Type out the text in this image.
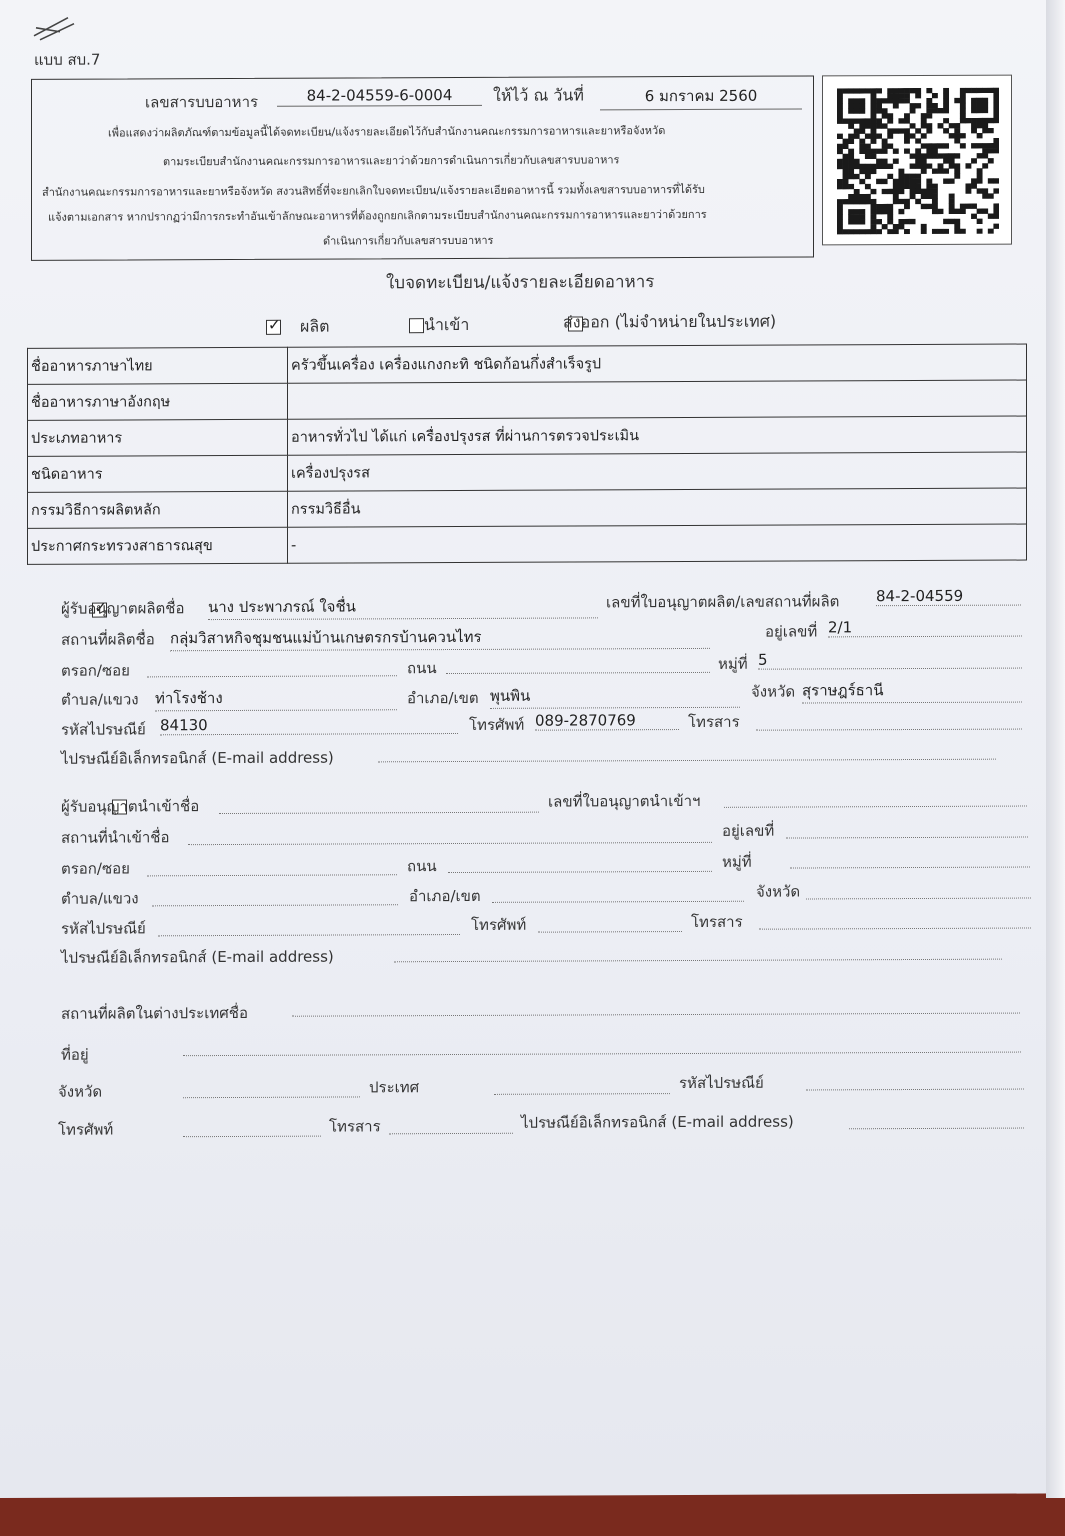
แบบ สบ.7
เลขสารบบอาหาร	84-2-04559-6-0004	ให้ไว้ ณ วันที่	6 มกราคม 2560
เพื่อแสดงว่าผลิตภัณฑ์ตามข้อมูลนี้ได้จดทะเบียน/แจ้งรายละเอียดไว้กับสำนักงานคณะกรรมการอาหารและยาหรือจังหวัด
ตามระเบียบสำนักงานคณะกรรมการอาหารและยาว่าด้วยการดำเนินการเกี่ยวกับเลขสารบบอาหาร
สำนักงานคณะกรรมการอาหารและยาหรือจังหวัด สงวนสิทธิ์ที่จะยกเลิกใบจดทะเบียน/แจ้งรายละเอียดอาหารนี้ รวมทั้งเลขสารบบอาหารที่ได้รับ
แจ้งตามเอกสาร หากปรากฏว่ามีการกระทำอันเข้าลักษณะอาหารที่ต้องถูกยกเลิกตามระเบียบสำนักงานคณะกรรมการอาหารและยาว่าด้วยการ
ดำเนินการเกี่ยวกับเลขสารบบอาหาร
ใบจดทะเบียน/แจ้งรายละเอียดอาหาร
✓
ผลิต
	นำเข้า
	ส่งออก (ไม่จำหน่ายในประเทศ)
ชื่ออาหารภาษาไทย	ครัวขึ้นเครื่อง เครื่องแกงกะทิ ชนิดก้อนกึ่งสำเร็จรูป
ชื่ออาหารภาษาอังกฤษ	
ประเภทอาหาร	อาหารทั่วไป ได้แก่ เครื่องปรุงรส ที่ผ่านการตรวจประเมิน
ชนิดอาหาร	เครื่องปรุงรส
กรรมวิธีการผลิตหลัก	กรรมวิธีอื่น
ประกาศกระทรวงสาธารณสุข	-
✓
ผู้รับอนุญาตผลิตชื่อ นาง ประพาภรณ์ ใจชื่น	เลขที่ใบอนุญาตผลิต/เลขสถานที่ผลิต 84-2-04559
สถานที่ผลิตชื่อ กลุ่มวิสาหกิจชุมชนแม่บ้านเกษตรกรบ้านควนไทร	อยู่เลขที่ 2/1
ตรอก/ซอย	ถนน	หมู่ที่ 5
ตำบล/แขวง ท่าโรงช้าง	อำเภอ/เขต พุนพิน	จังหวัด สุราษฎร์ธานี
รหัสไปรษณีย์ 84130	โทรศัพท์ 089-2870769	โทรสาร
ไปรษณีย์อิเล็กทรอนิกส์ (E-mail address)
ผู้รับอนุญาตนำเข้าชื่อ	เลขที่ใบอนุญาตนำเข้าฯ
สถานที่นำเข้าชื่อ	อยู่เลขที่
ตรอก/ซอย	ถนน	หมู่ที่
ตำบล/แขวง	อำเภอ/เขต	จังหวัด
รหัสไปรษณีย์	โทรศัพท์	โทรสาร
ไปรษณีย์อิเล็กทรอนิกส์ (E-mail address)
สถานที่ผลิตในต่างประเทศชื่อ
ที่อยู่
จังหวัด	ประเทศ	รหัสไปรษณีย์
โทรศัพท์	โทรสาร	ไปรษณีย์อิเล็กทรอนิกส์ (E-mail address)
